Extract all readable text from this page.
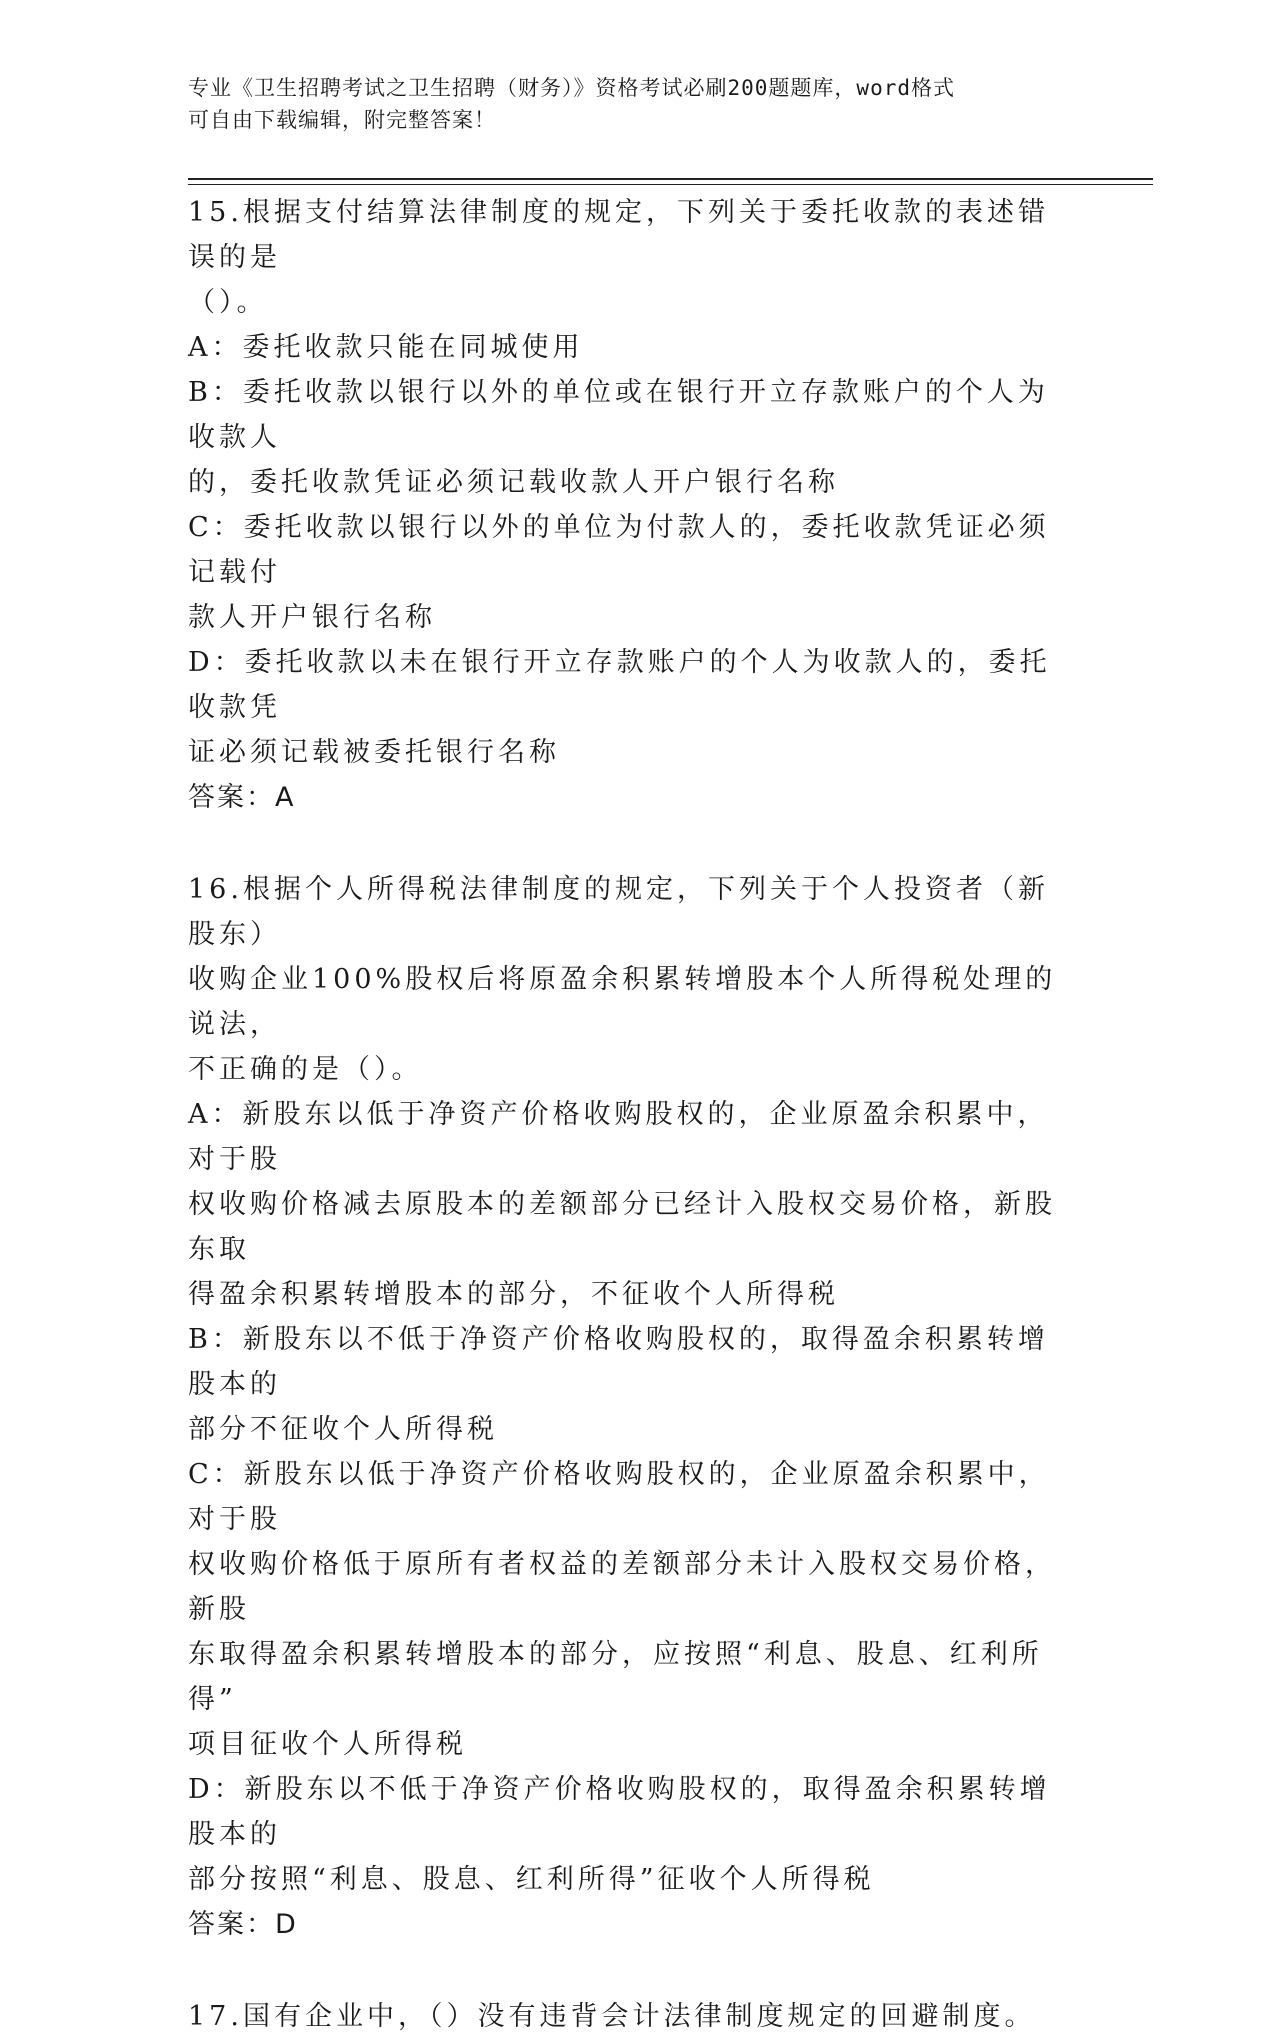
专业《卫生招聘考试之卫生招聘（财务）》资格考试必刷200题题库，word格式
可自由下载编辑，附完整答案！

15.根据支付结算法律制度的规定，下列关于委托收款的表述错误的是

（）。

A：委托收款只能在同城使用

B：委托收款以银行以外的单位或在银行开立存款账户的个人为收款人

的，委托收款凭证必须记载收款人开户银行名称

C：委托收款以银行以外的单位为付款人的，委托收款凭证必须记载付

款人开户银行名称

D：委托收款以未在银行开立存款账户的个人为收款人的，委托收款凭

证必须记载被委托银行名称

答案：A

16.根据个人所得税法律制度的规定，下列关于个人投资者（新股东）

收购企业100%股权后将原盈余积累转增股本个人所得税处理的说法，

不正确的是（）。

A：新股东以低于净资产价格收购股权的，企业原盈余积累中，对于股

权收购价格减去原股本的差额部分已经计入股权交易价格，新股东取

得盈余积累转增股本的部分，不征收个人所得税

B：新股东以不低于净资产价格收购股权的，取得盈余积累转增股本的

部分不征收个人所得税

C：新股东以低于净资产价格收购股权的，企业原盈余积累中，对于股

权收购价格低于原所有者权益的差额部分未计入股权交易价格，新股

东取得盈余积累转增股本的部分，应按照“利息、股息、红利所得”

项目征收个人所得税

D：新股东以不低于净资产价格收购股权的，取得盈余积累转增股本的

部分按照“利息、股息、红利所得”征收个人所得税

答案：D

17.国有企业中，（）没有违背会计法律制度规定的回避制度。
